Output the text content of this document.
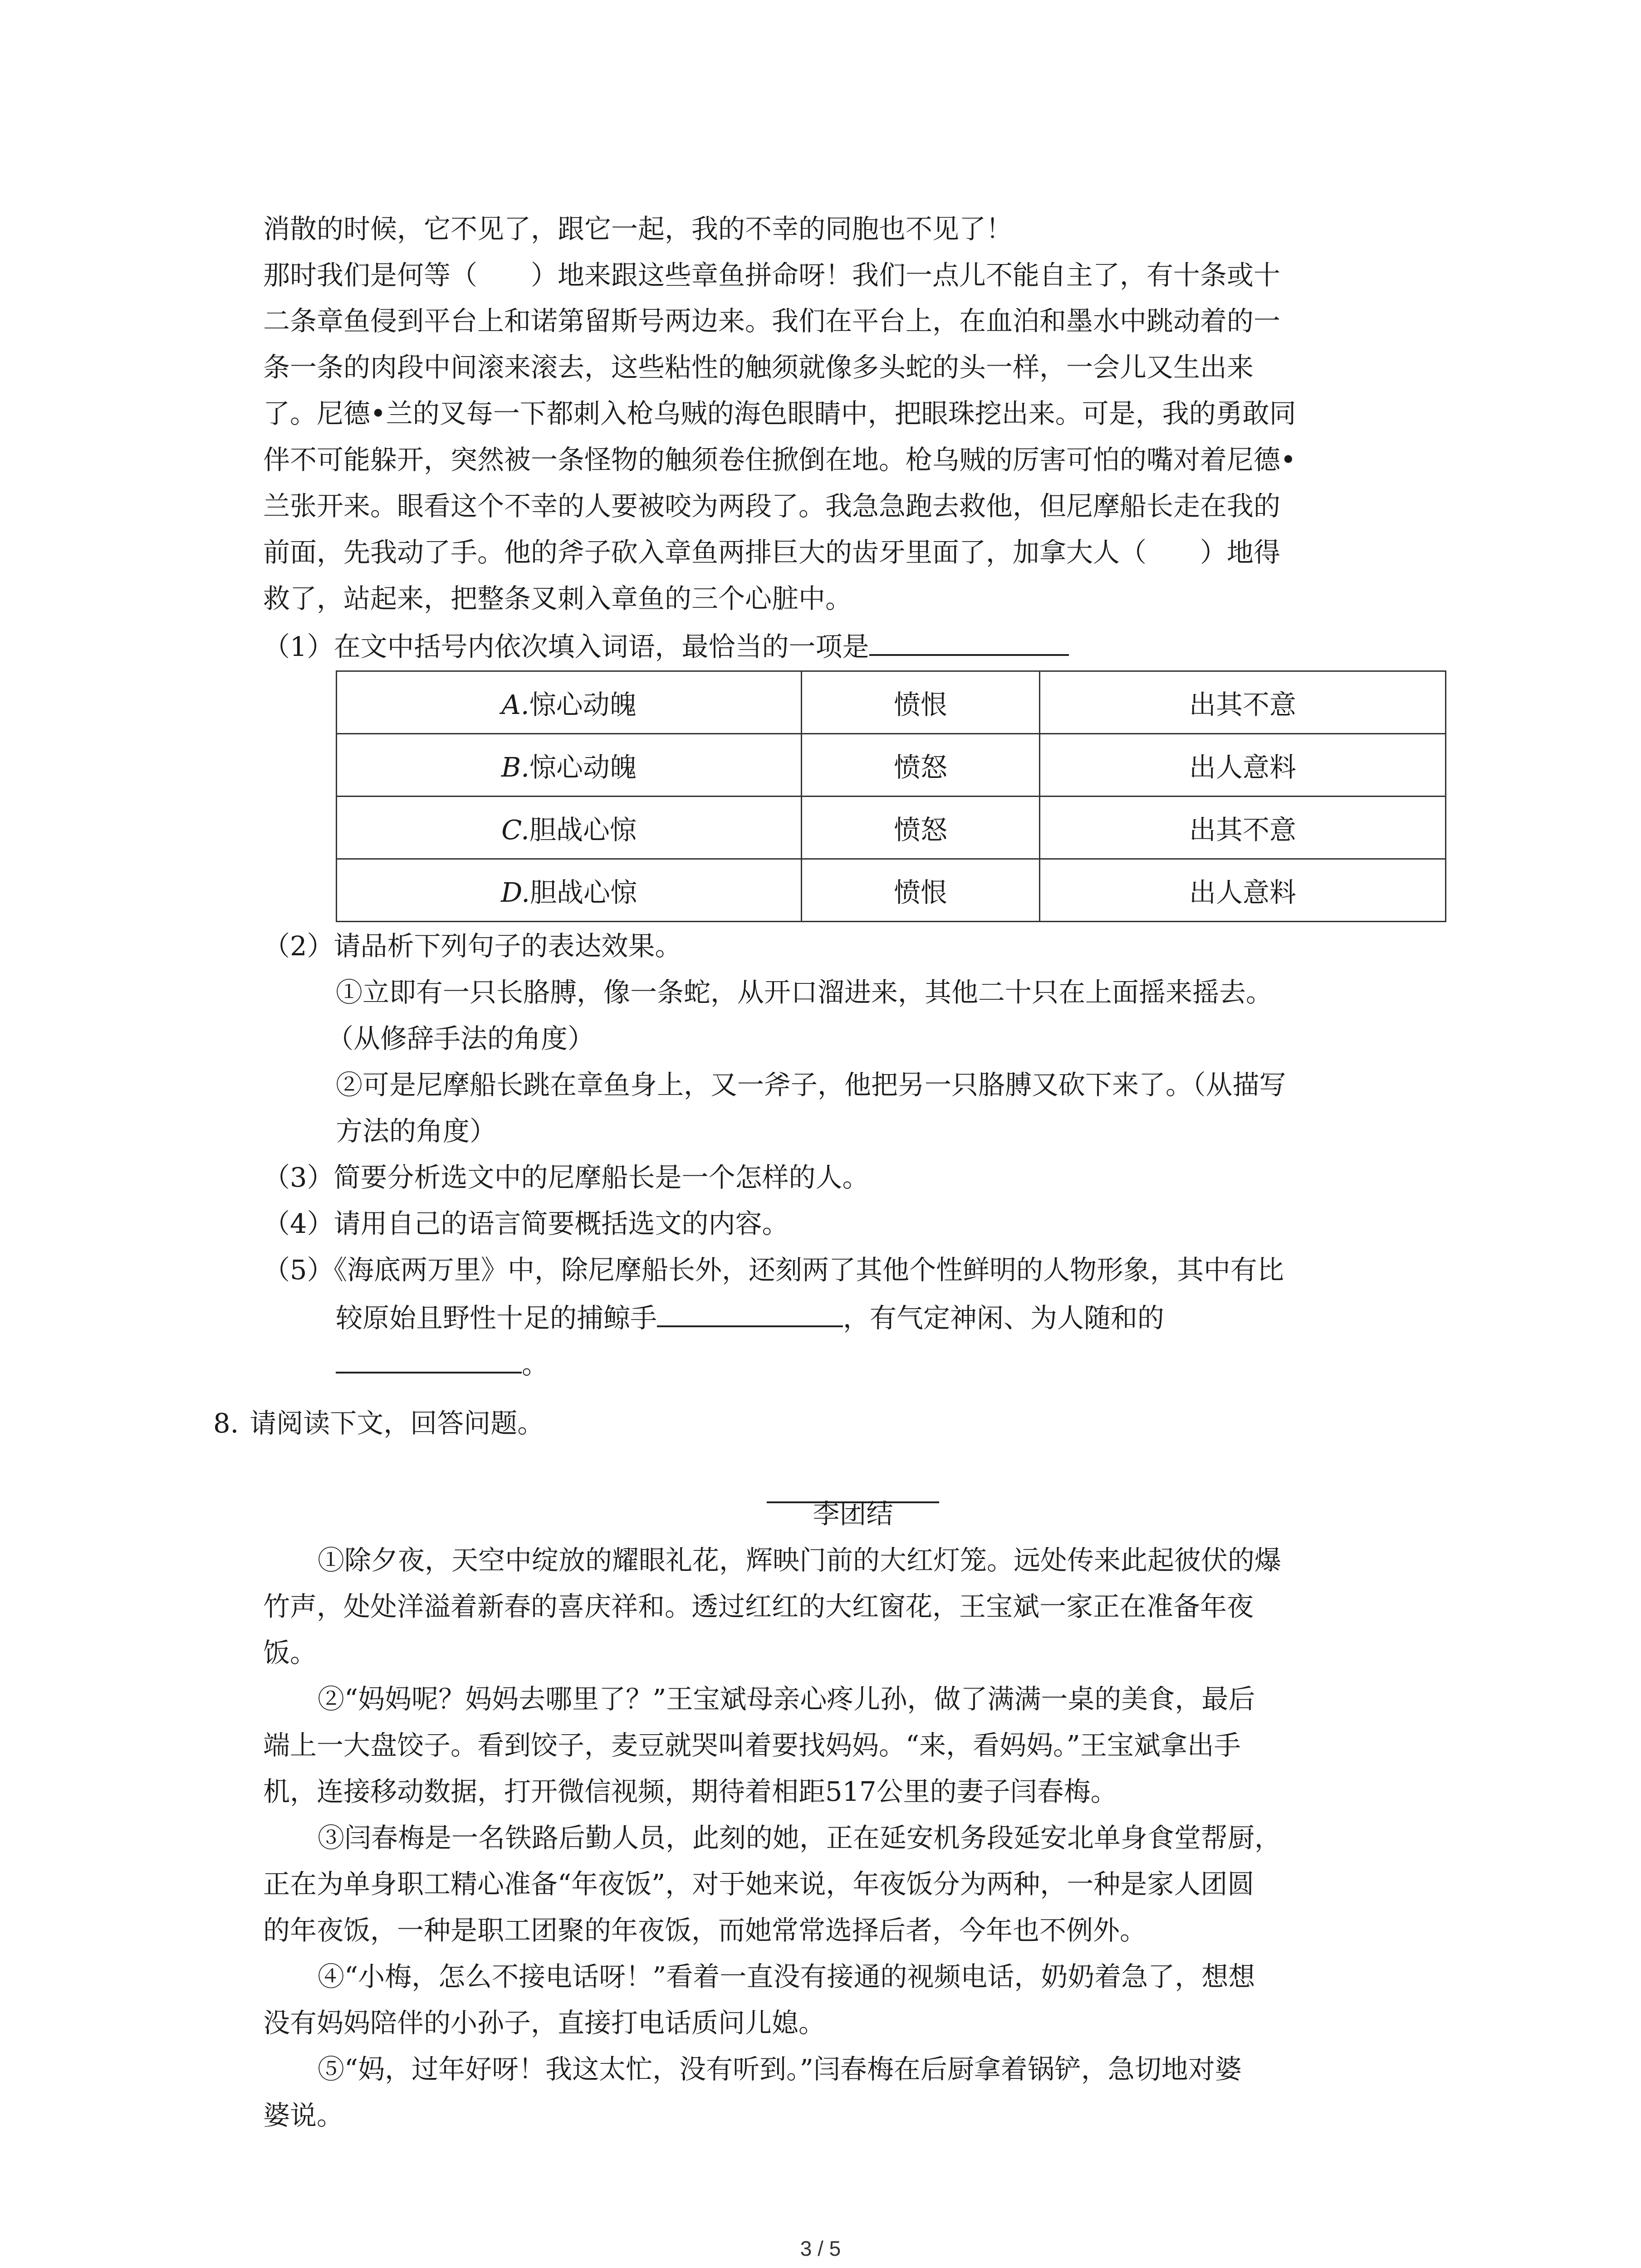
消散的时候，它不见了，跟它一起，我的不幸的同胞也不见了！
那时我们是何等（　　）地来跟这些章鱼拼命呀！我们一点儿不能自主了，有十条或十
二条章鱼侵到平台上和诺第留斯号两边来。我们在平台上，在血泊和墨水中跳动着的一
条一条的肉段中间滚来滚去，这些粘性的触须就像多头蛇的头一样，一会儿又生出来
了。尼德•兰的叉每一下都刺入枪乌贼的海色眼睛中，把眼珠挖出来。可是，我的勇敢同
伴不可能躲开，突然被一条怪物的触须卷住掀倒在地。枪乌贼的厉害可怕的嘴对着尼德•
兰张开来。眼看这个不幸的人要被咬为两段了。我急急跑去救他，但尼摩船长走在我的
前面，先我动了手。他的斧子砍入章鱼两排巨大的齿牙里面了，加拿大人（　　）地得
救了，站起来，把整条叉刺入章鱼的三个心脏中。
（1）在文中括号内依次填入词语，最恰当的一项是
A.惊心动魄	愤恨	出其不意
B.惊心动魄	愤怒	出人意料
C.胆战心惊	愤怒	出其不意
D.胆战心惊	愤恨	出人意料
（2）请品析下列句子的表达效果。
①立即有一只长胳膊，像一条蛇，从开口溜进来，其他二十只在上面摇来摇去。
（从修辞手法的角度）
②可是尼摩船长跳在章鱼身上，又一斧子，他把另一只胳膊又砍下来了。（从描写
方法的角度）
（3）简要分析选文中的尼摩船长是一个怎样的人。
（4）请用自己的语言简要概括选文的内容。
（5）《海底两万里》中，除尼摩船长外，还刻两了其他个性鲜明的人物形象，其中有比
较原始且野性十足的捕鲸手	，有气定神闲、为人随和的
。
8. 请阅读下文，回答问题。
李团结
①除夕夜，天空中绽放的耀眼礼花，辉映门前的大红灯笼。远处传来此起彼伏的爆
竹声，处处洋溢着新春的喜庆祥和。透过红红的大红窗花，王宝斌一家正在准备年夜
饭。
②“妈妈呢？妈妈去哪里了？”王宝斌母亲心疼儿孙，做了满满一桌的美食，最后
端上一大盘饺子。看到饺子，麦豆就哭叫着要找妈妈。“来，看妈妈。”王宝斌拿出手
机，连接移动数据，打开微信视频，期待着相距517公里的妻子闫春梅。
③闫春梅是一名铁路后勤人员，此刻的她，正在延安机务段延安北单身食堂帮厨，
正在为单身职工精心准备“年夜饭”，对于她来说，年夜饭分为两种，一种是家人团圆
的年夜饭，一种是职工团聚的年夜饭，而她常常选择后者，今年也不例外。
④“小梅，怎么不接电话呀！”看着一直没有接通的视频电话，奶奶着急了，想想
没有妈妈陪伴的小孙子，直接打电话质问儿媳。
⑤“妈，过年好呀！我这太忙，没有听到。”闫春梅在后厨拿着锅铲，急切地对婆
婆说。
3 / 5
